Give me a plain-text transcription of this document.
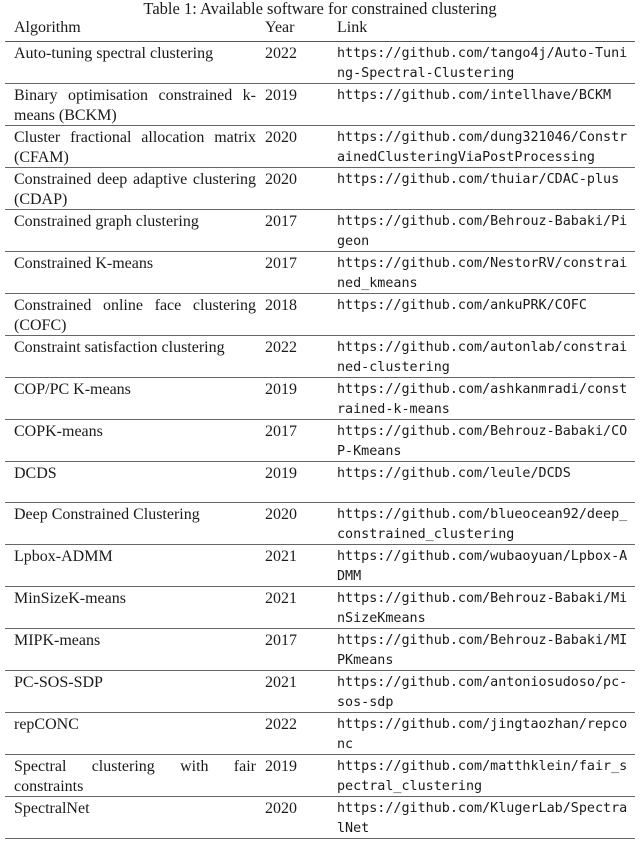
Table 1: Available software for constrained clustering
Algorithm	Year	Link
Auto-tuning spectral clustering	2022	https://github.com/tango4j/Auto-Tuning-Spectral-Clustering
Binary optimisation constrained k-means (BCKM)	2019	https://github.com/intellhave/BCKM
Cluster fractional allocation matrix (CFAM)	2020	https://github.com/dung321046/ConstrainedClusteringViaPostProcessing
Constrained deep adaptive clustering (CDAP)	2020	https://github.com/thuiar/CDAC-plus
Constrained graph clustering	2017	https://github.com/Behrouz-Babaki/Pigeon
Constrained K-means	2017	https://github.com/NestorRV/constrained_kmeans
Constrained online face clustering (COFC)	2018	https://github.com/ankuPRK/COFC
Constraint satisfaction clustering	2022	https://github.com/autonlab/constrained-clustering
COP/PC K-means	2019	https://github.com/ashkanmradi/constrained-k-means
COPK-means	2017	https://github.com/Behrouz-Babaki/COP-Kmeans
DCDS	2019	https://github.com/leule/DCDS
Deep Constrained Clustering	2020	https://github.com/blueocean92/deep_constrained_clustering
Lpbox-ADMM	2021	https://github.com/wubaoyuan/Lpbox-ADMM
MinSizeK-means	2021	https://github.com/Behrouz-Babaki/MinSizeKmeans
MIPK-means	2017	https://github.com/Behrouz-Babaki/MIPKmeans
PC-SOS-SDP	2021	https://github.com/antoniosudoso/pc-sos-sdp
repCONC	2022	https://github.com/jingtaozhan/repconc
Spectral clustering with fair constraints	2019	https://github.com/matthklein/fair_spectral_clustering
SpectralNet	2020	https://github.com/KlugerLab/SpectralNet
